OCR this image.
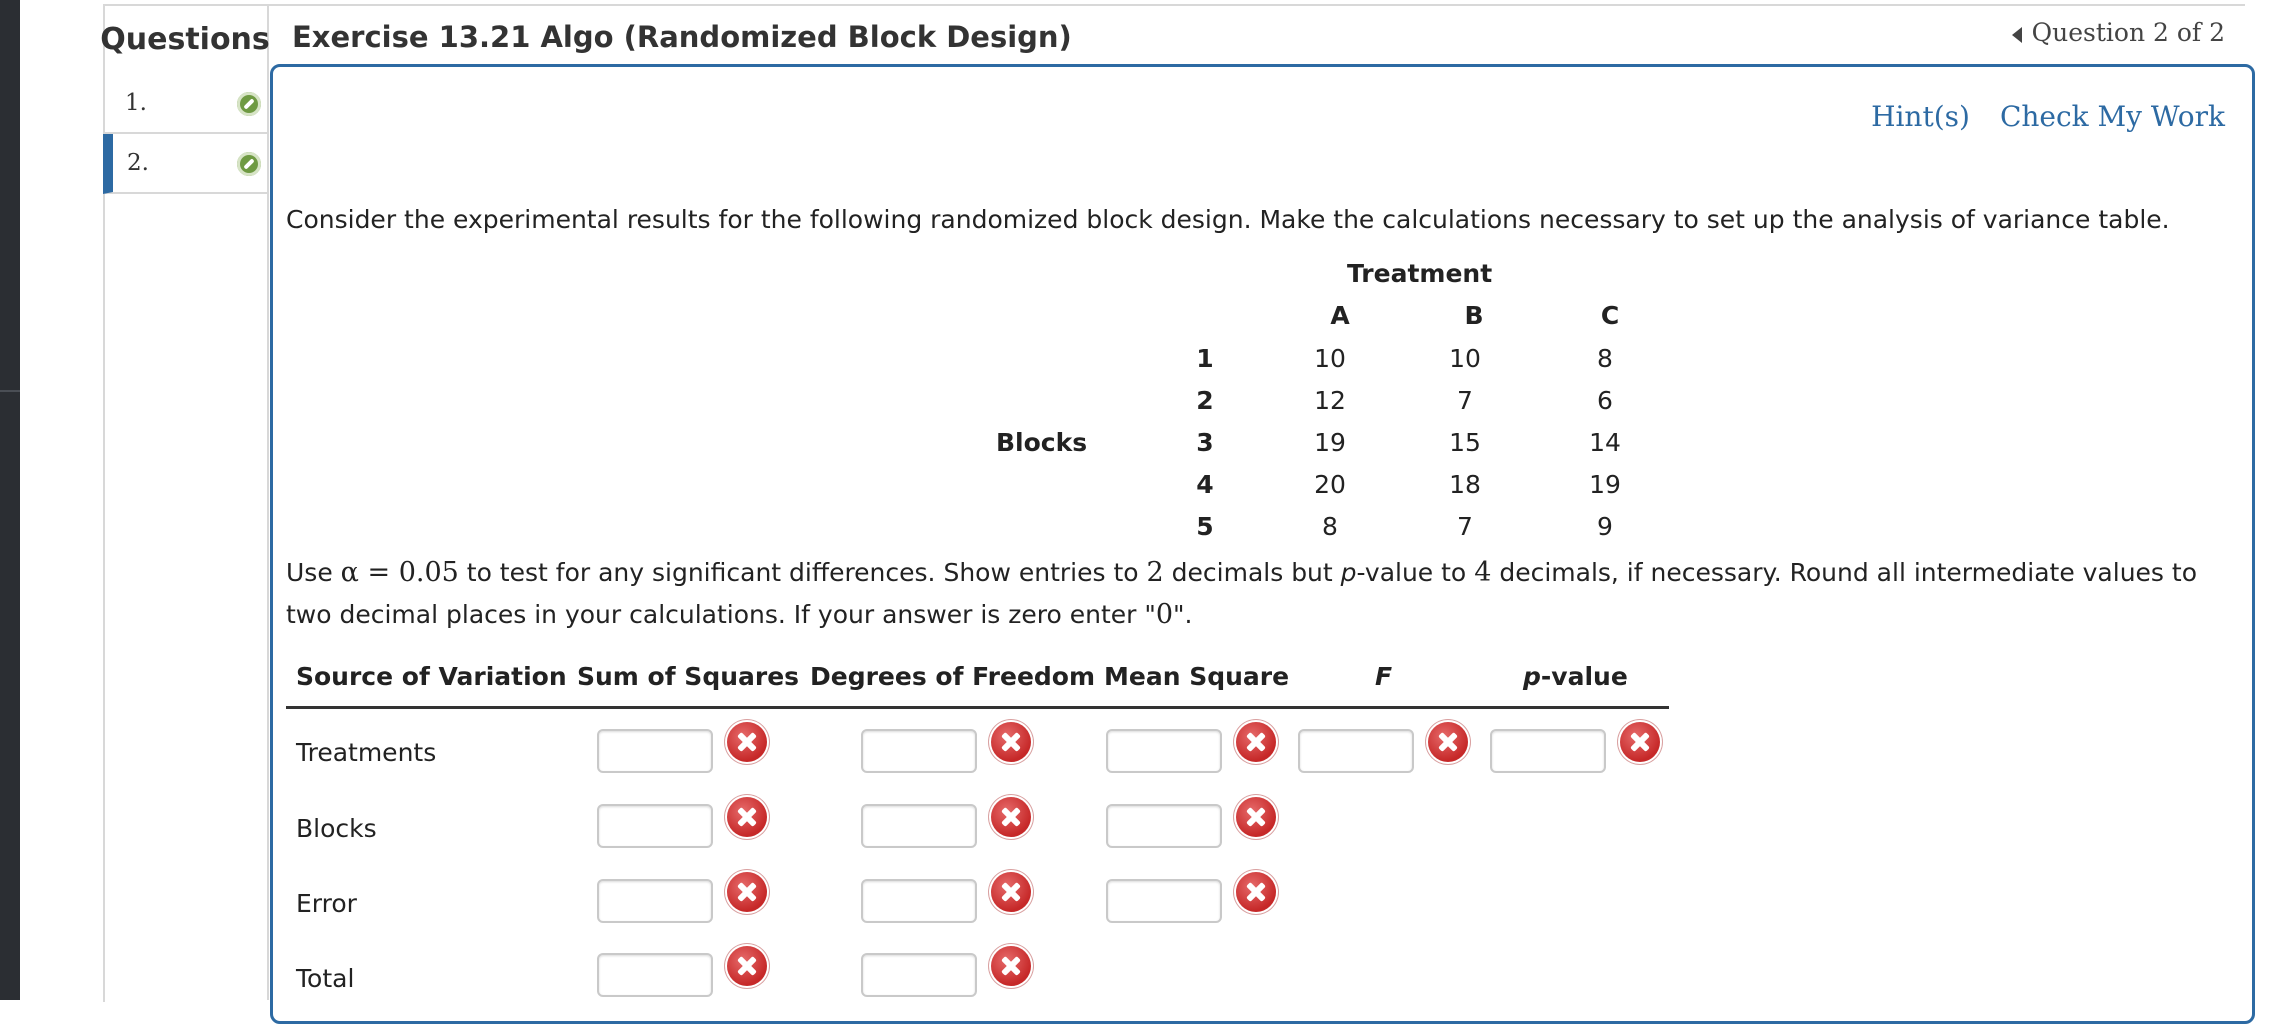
Questions
1.
2.
Exercise 13.21 Algo (Randomized Block Design)	Question 2 of 2
Hint(s) Check My Work
Consider the experimental results for the following randomized block design. Make the calculations necessary to set up the analysis of variance table.
Treatment
A	B	C
Blocks
1	10	10	8
2	12	7	6
3	19	15	14
4	20	18	19
5	8	7	9
Use α = 0.05 to test for any significant differences. Show entries to 2 decimals but p-value to 4 decimals, if necessary. Round all intermediate values to two decimal places in your calculations. If your answer is zero enter "0".
Source of Variation Sum of Squares Degrees of Freedom Mean Square	F	p-value
Treatments
Blocks
Error
Total
